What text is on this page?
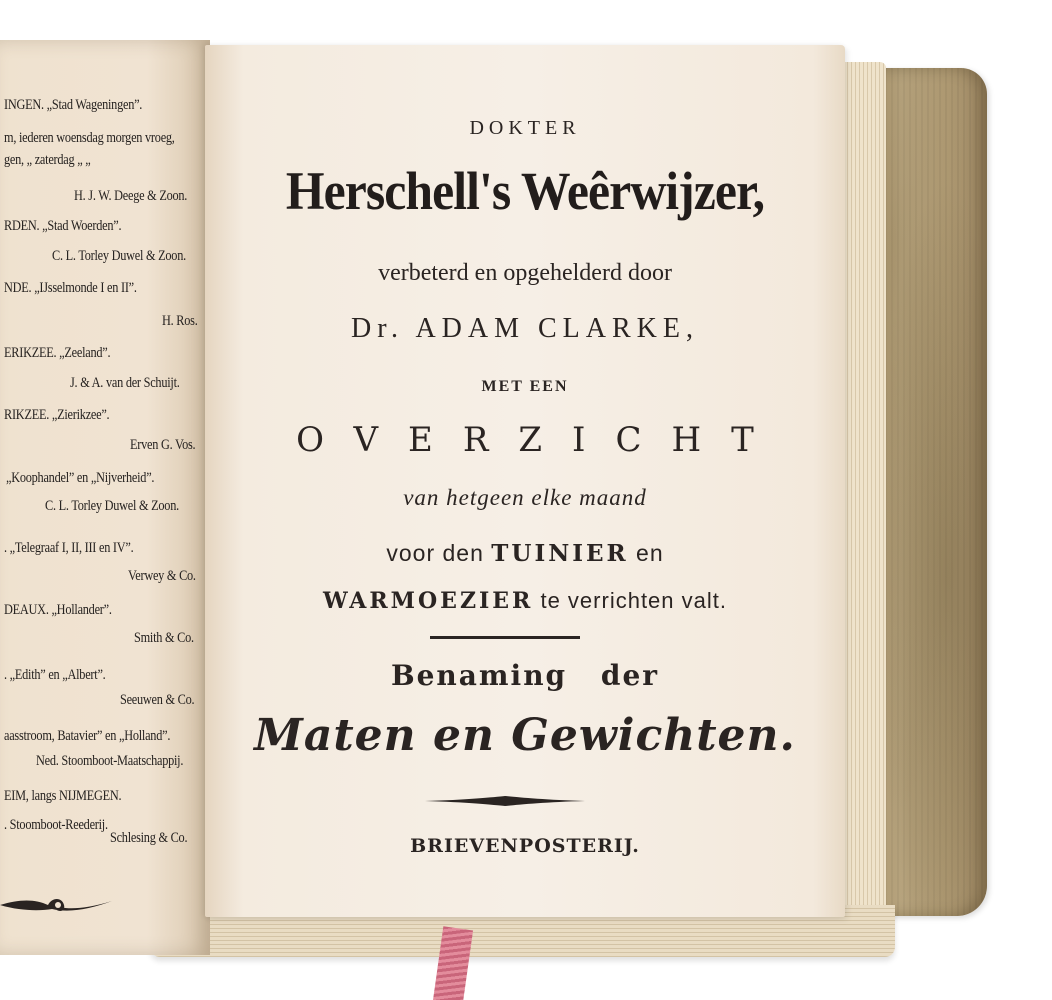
INGEN. „Stad Wageningen”.
m, iederen woensdag morgen vroeg,
gen, „ zaterdag „ „
H. J. W. Deege & Zoon.
RDEN. „Stad Woerden”.
C. L. Torley Duwel & Zoon.
NDE. „IJsselmonde I en II”.
H. Ros.
ERIKZEE. „Zeeland”.
J. & A. van der Schuijt.
RIKZEE. „Zierikzee”.
Erven G. Vos.
„Koophandel” en „Nijverheid”.
C. L. Torley Duwel & Zoon.
. „Telegraaf I, II, III en IV”.
Verwey & Co.
DEAUX. „Hollander”.
Smith & Co.
. „Edith” en „Albert”.
Seeuwen & Co.
aasstroom, Batavier” en „Holland”.
Ned. Stoomboot-Maatschappij.
EIM, langs NIJMEGEN.
. Stoomboot-Reederij.
Schlesing & Co.
DOKTER
Herschell's Weêrwijzer,
verbeterd en opgehelderd door
Dr. ADAM CLARKE,
MET EEN
OVERZICHT
van hetgeen elke maand
voor den TUINIER en
WARMOEZIER te verrichten valt.
Benaming der
Maten en Gewichten.
BRIEVENPOSTERIJ.
